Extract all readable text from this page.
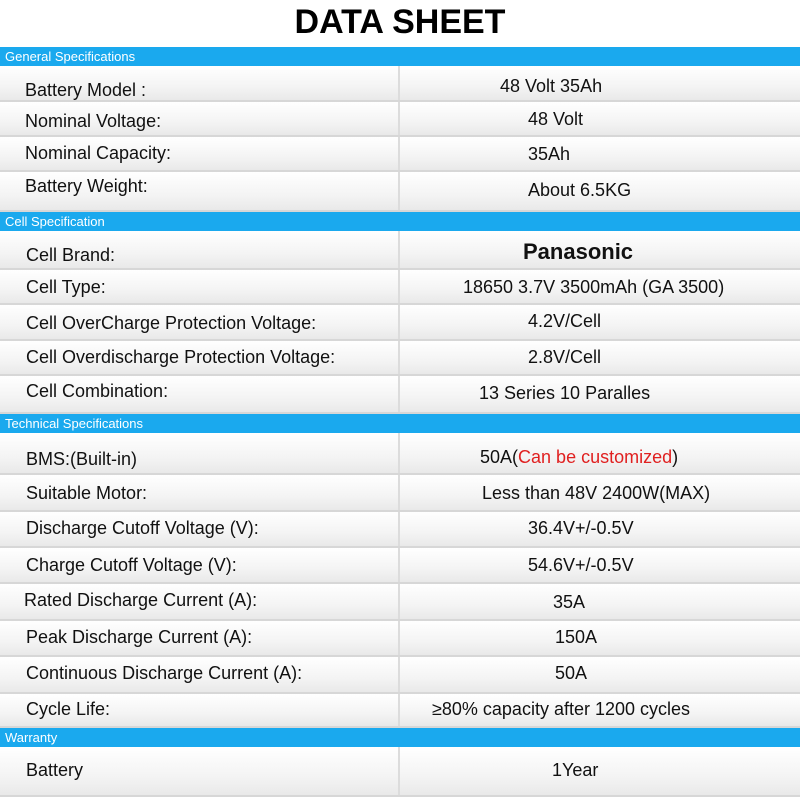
DATA SHEET
General Specifications
Battery Model :	48 Volt 35Ah
Nominal Voltage:	48 Volt
Nominal Capacity:	35Ah
Battery Weight:	About 6.5KG
Cell Specification
Cell Brand:	Panasonic
Cell Type:	18650 3.7V 3500mAh (GA 3500)
Cell OverCharge Protection Voltage:	4.2V/Cell
Cell Overdischarge Protection Voltage:	2.8V/Cell
Cell Combination:	13 Series 10 Paralles
Technical Specifications
BMS:(Built-in)	50A(Can be customized)
Suitable Motor:	Less than 48V 2400W(MAX)
Discharge Cutoff Voltage (V):	36.4V+/-0.5V
Charge Cutoff Voltage (V):	54.6V+/-0.5V
Rated Discharge Current (A):	35A
Peak Discharge Current (A):	150A
Continuous Discharge Current (A):	50A
Cycle Life:	≥80% capacity after 1200 cycles
Warranty
Battery	1Year
